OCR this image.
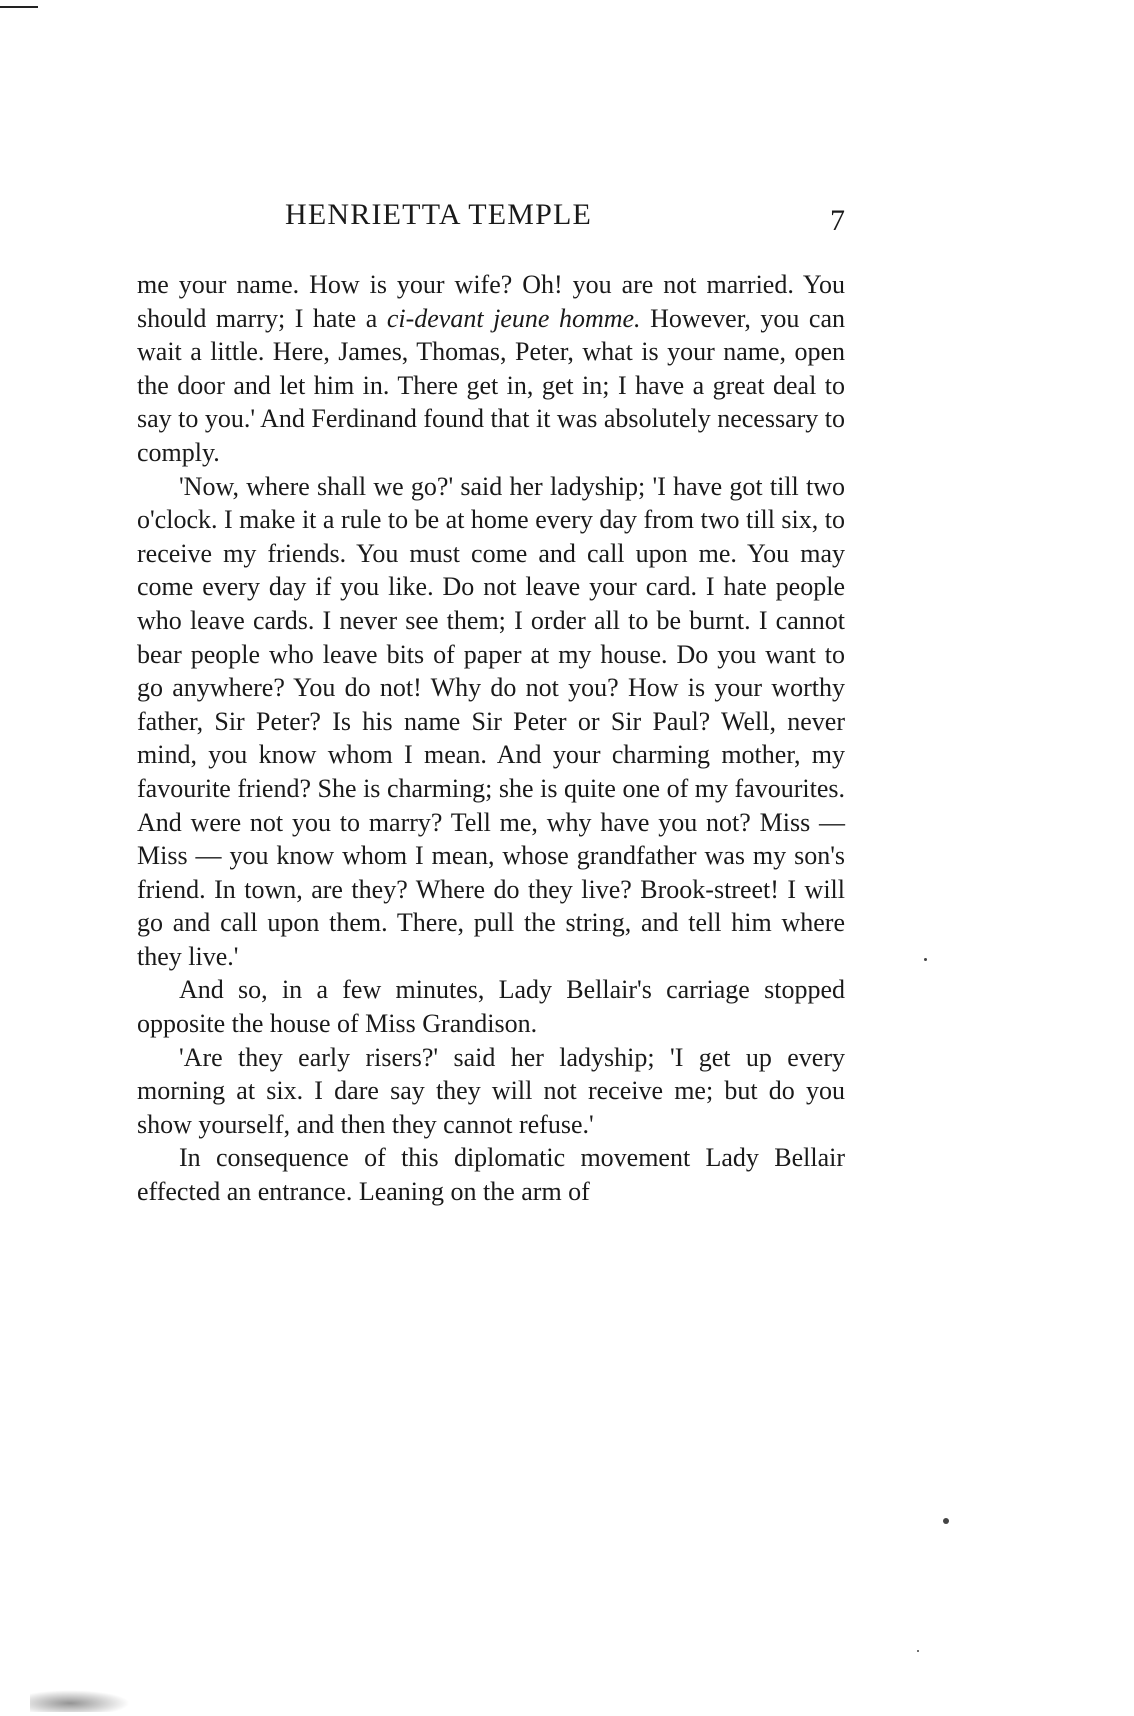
HENRIETTA TEMPLE	7

me your name. How is your wife? Oh! you are not married. You should marry; I hate a ci-devant jeune homme. However, you can wait a little. Here, James, Thomas, Peter, what is your name, open the door and let him in. There get in, get in; I have a great deal to say to you.' And Ferdinand found that it was absolutely necessary to comply.

'Now, where shall we go?' said her ladyship; 'I have got till two o'clock. I make it a rule to be at home every day from two till six, to receive my friends. You must come and call upon me. You may come every day if you like. Do not leave your card. I hate people who leave cards. I never see them; I order all to be burnt. I cannot bear people who leave bits of paper at my house. Do you want to go anywhere? You do not! Why do not you? How is your worthy father, Sir Peter? Is his name Sir Peter or Sir Paul? Well, never mind, you know whom I mean. And your charming mother, my favourite friend? She is charming; she is quite one of my favourites. And were not you to marry? Tell me, why have you not? Miss — Miss — you know whom I mean, whose grandfather was my son's friend. In town, are they? Where do they live? Brook-street! I will go and call upon them. There, pull the string, and tell him where they live.'

And so, in a few minutes, Lady Bellair's carriage stopped opposite the house of Miss Grandison.

'Are they early risers?' said her ladyship; 'I get up every morning at six. I dare say they will not receive me; but do you show yourself, and then they cannot refuse.'

In consequence of this diplomatic movement Lady Bellair effected an entrance. Leaning on the arm of
